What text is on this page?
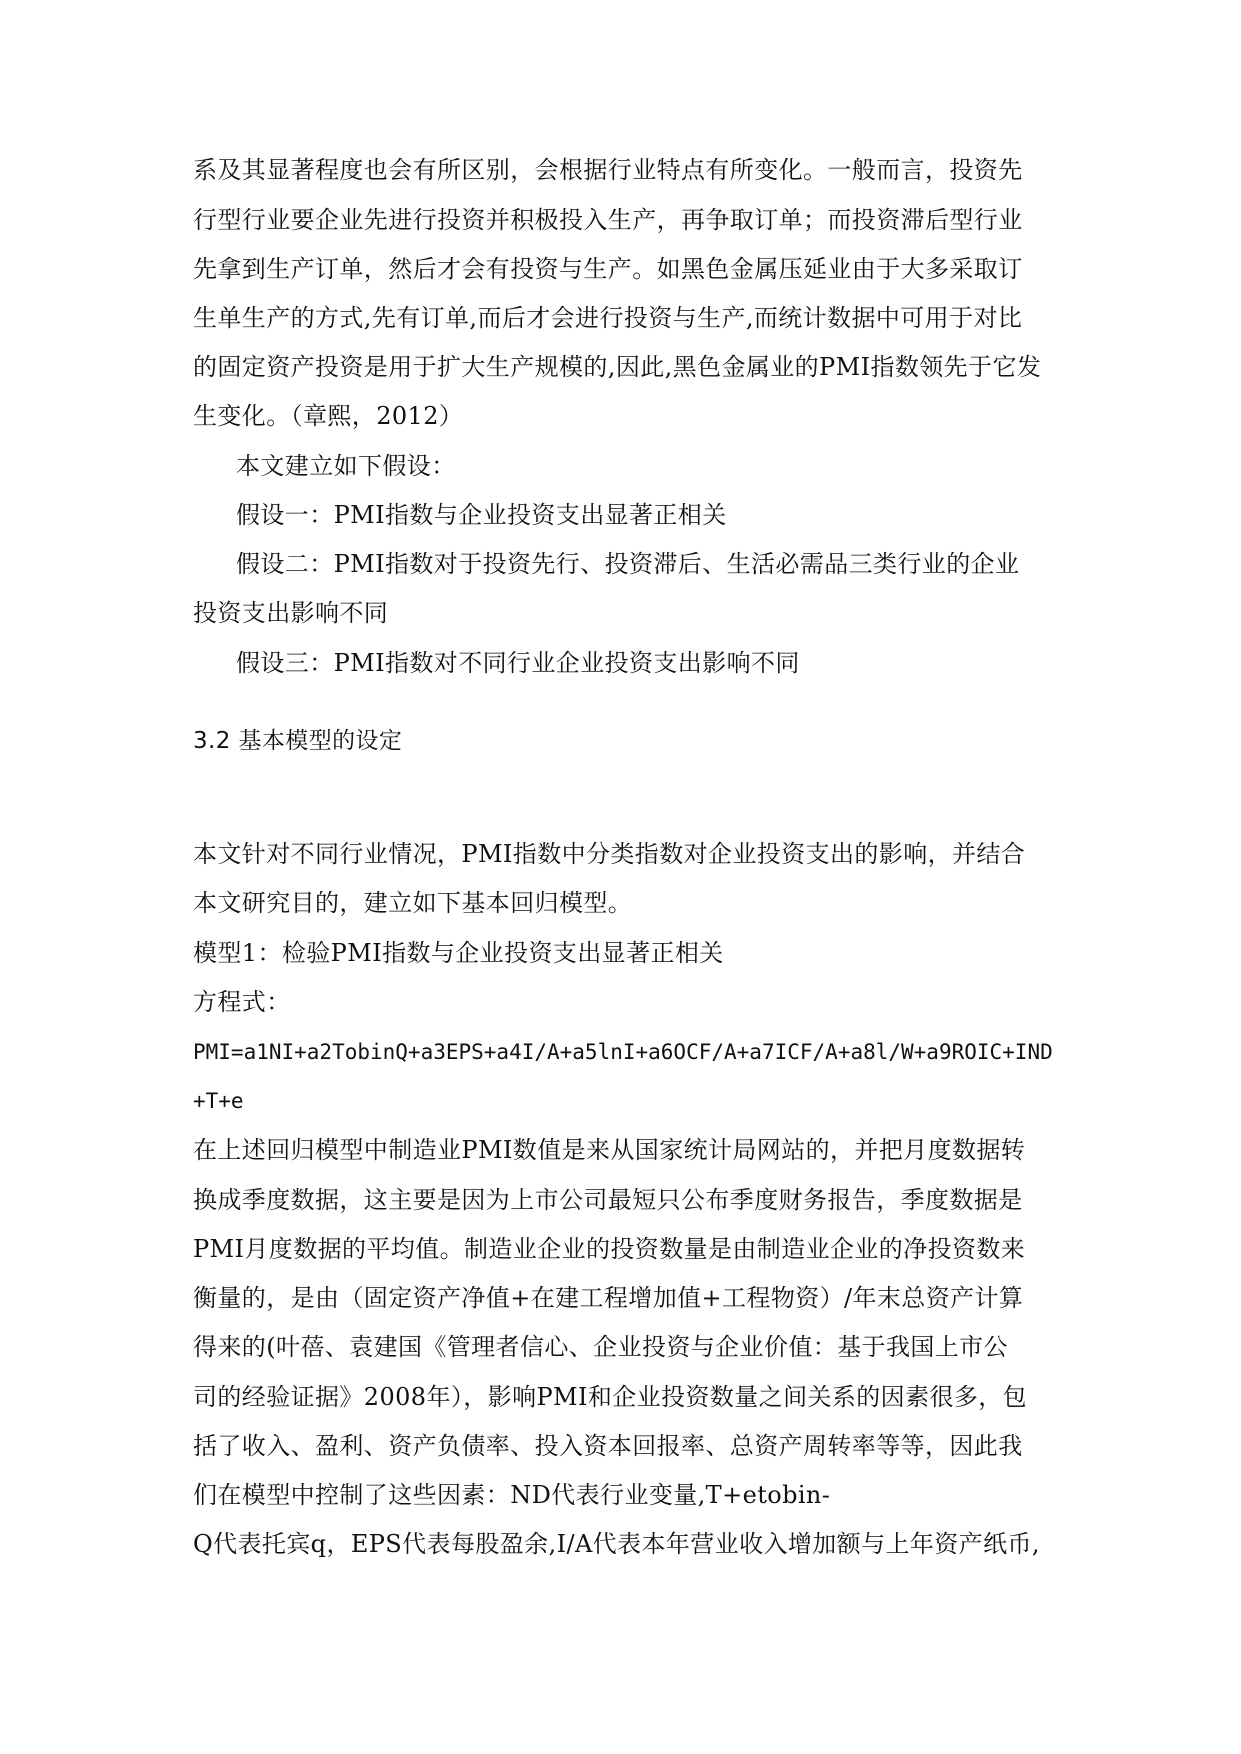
系及其显著程度也会有所区别，会根据行业特点有所变化。一般而言，投资先
行型行业要企业先进行投资并积极投入生产，再争取订单；而投资滞后型行业
先拿到生产订单，然后才会有投资与生产。如黑色金属压延业由于大多采取订
生单生产的方式,先有订单,而后才会进行投资与生产,而统计数据中可用于对比
的固定资产投资是用于扩大生产规模的,因此,黑色金属业的PMI指数领先于它发
生变化。（章熙，2012）
本文建立如下假设：
假设一：PMI指数与企业投资支出显著正相关
假设二：PMI指数对于投资先行、投资滞后、生活必需品三类行业的企业
投资支出影响不同
假设三：PMI指数对不同行业企业投资支出影响不同
3.2 基本模型的设定
本文针对不同行业情况，PMI指数中分类指数对企业投资支出的影响，并结合
本文研究目的，建立如下基本回归模型。
模型1：检验PMI指数与企业投资支出显著正相关
方程式：
PMI=a1NI+a2TobinQ+a3EPS+a4I/A+a5lnI+a6OCF/A+a7ICF/A+a8l/W+a9ROIC+IND
+T+e
在上述回归模型中制造业PMI数值是来从国家统计局网站的，并把月度数据转
换成季度数据，这主要是因为上市公司最短只公布季度财务报告，季度数据是
PMI月度数据的平均值。制造业企业的投资数量是由制造业企业的净投资数来
衡量的，是由（固定资产净值+在建工程增加值+工程物资）/年末总资产计算
得来的(叶蓓、袁建国《管理者信心、企业投资与企业价值：基于我国上市公
司的经验证据》2008年），影响PMI和企业投资数量之间关系的因素很多，包
括了收入、盈利、资产负债率、投入资本回报率、总资产周转率等等，因此我
们在模型中控制了这些因素：ND代表行业变量,T+etobin-
Q代表托宾q，EPS代表每股盈余,I/A代表本年营业收入增加额与上年资产纸币,
